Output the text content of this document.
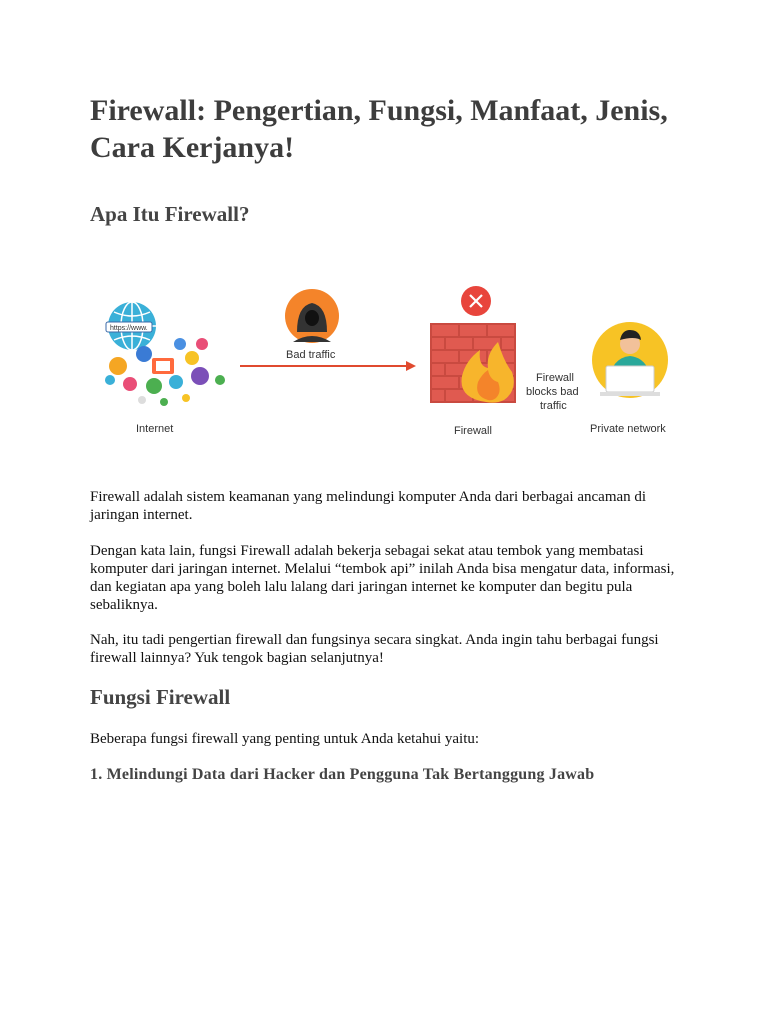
Firewall: Pengertian, Fungsi, Manfaat, Jenis, Cara Kerjanya!
Apa Itu Firewall?
https://www.
Internet
Bad traffic
Firewall
Firewall
blocks bad
traffic
Private network

Firewall adalah sistem keamanan yang melindungi komputer Anda dari berbagai ancaman di jaringan internet.

Dengan kata lain, fungsi Firewall adalah bekerja sebagai sekat atau tembok yang membatasi komputer dari jaringan internet. Melalui “tembok api” inilah Anda bisa mengatur data, informasi, dan kegiatan apa yang boleh lalu lalang dari jaringan internet ke komputer dan begitu pula sebaliknya.

Nah, itu tadi pengertian firewall dan fungsinya secara singkat. Anda ingin tahu berbagai fungsi firewall lainnya? Yuk tengok bagian selanjutnya!

Fungsi Firewall

Beberapa fungsi firewall yang penting untuk Anda ketahui yaitu:

1. Melindungi Data dari Hacker dan Pengguna Tak Bertanggung Jawab
